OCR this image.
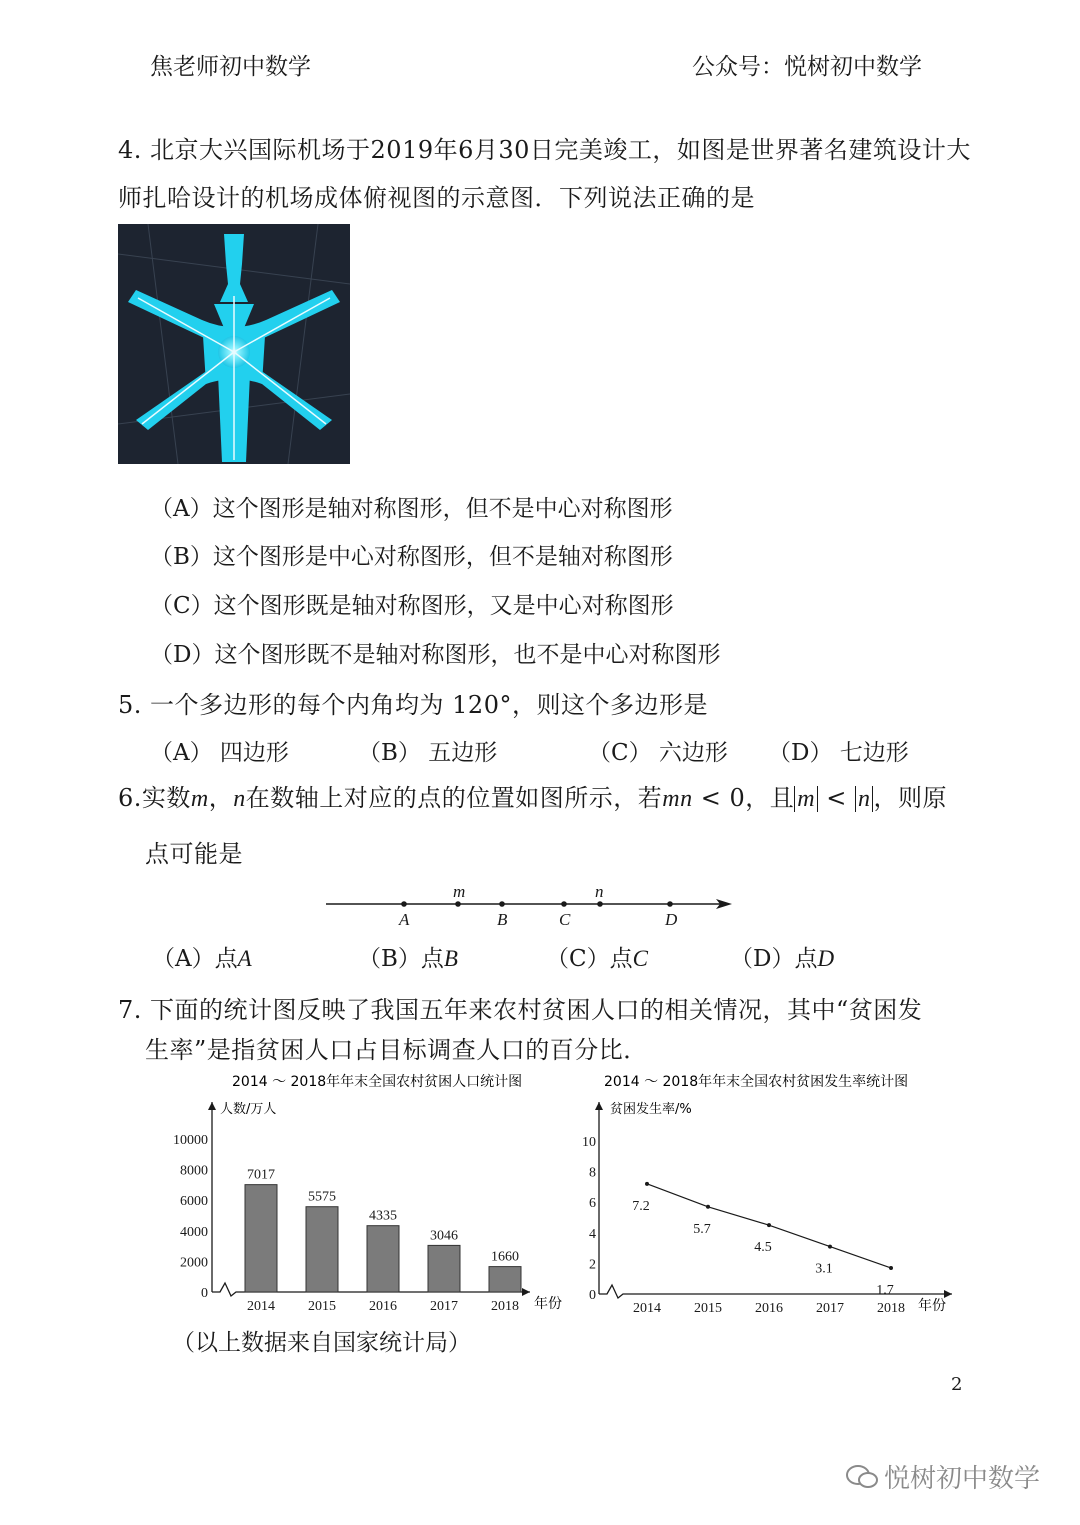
焦老师初中数学	公众号：悦树初中数学
4. 北京大兴国际机场于2019年6月30日完美竣工，如图是世界著名建筑设计大
师扎哈设计的机场成体俯视图的示意图．下列说法正确的是
（A）这个图形是轴对称图形，但不是中心对称图形
（B）这个图形是中心对称图形，但不是轴对称图形
（C）这个图形既是轴对称图形，又是中心对称图形
（D）这个图形既不是轴对称图形，也不是中心对称图形
5. 一个多边形的每个内角均为 120°，则这个多边形是
（A） 四边形	（B） 五边形	（C） 六边形 （D） 七边形
6.实数m，n在数轴上对应的点的位置如图所示，若mn < 0，且 m < n ，则原
点可能是
A
m
B	C
n
D
（A）点A	（B）点B	（C）点C	（D）点D
7. 下面的统计图反映了我国五年来农村贫困人口的相关情况，其中“贫困发
生率”是指贫困人口占目标调查人口的百分比．
2014 ～ 2018年年末全国农村贫困人口统计图
人数/万人
年份
0
2000
4000
6000
8000
10000
7017
2014
5575
2015
4335
2016
3046
2017
1660
2018
2014 ～ 2018年年末全国农村贫困发生率统计图
贫困发生率/%
年份
0
2
4
6
8
10
7.2
2014
5.7
2015
4.5
2016
3.1
2017
1.7
2018
（以上数据来自国家统计局）
2
悦树初中数学
